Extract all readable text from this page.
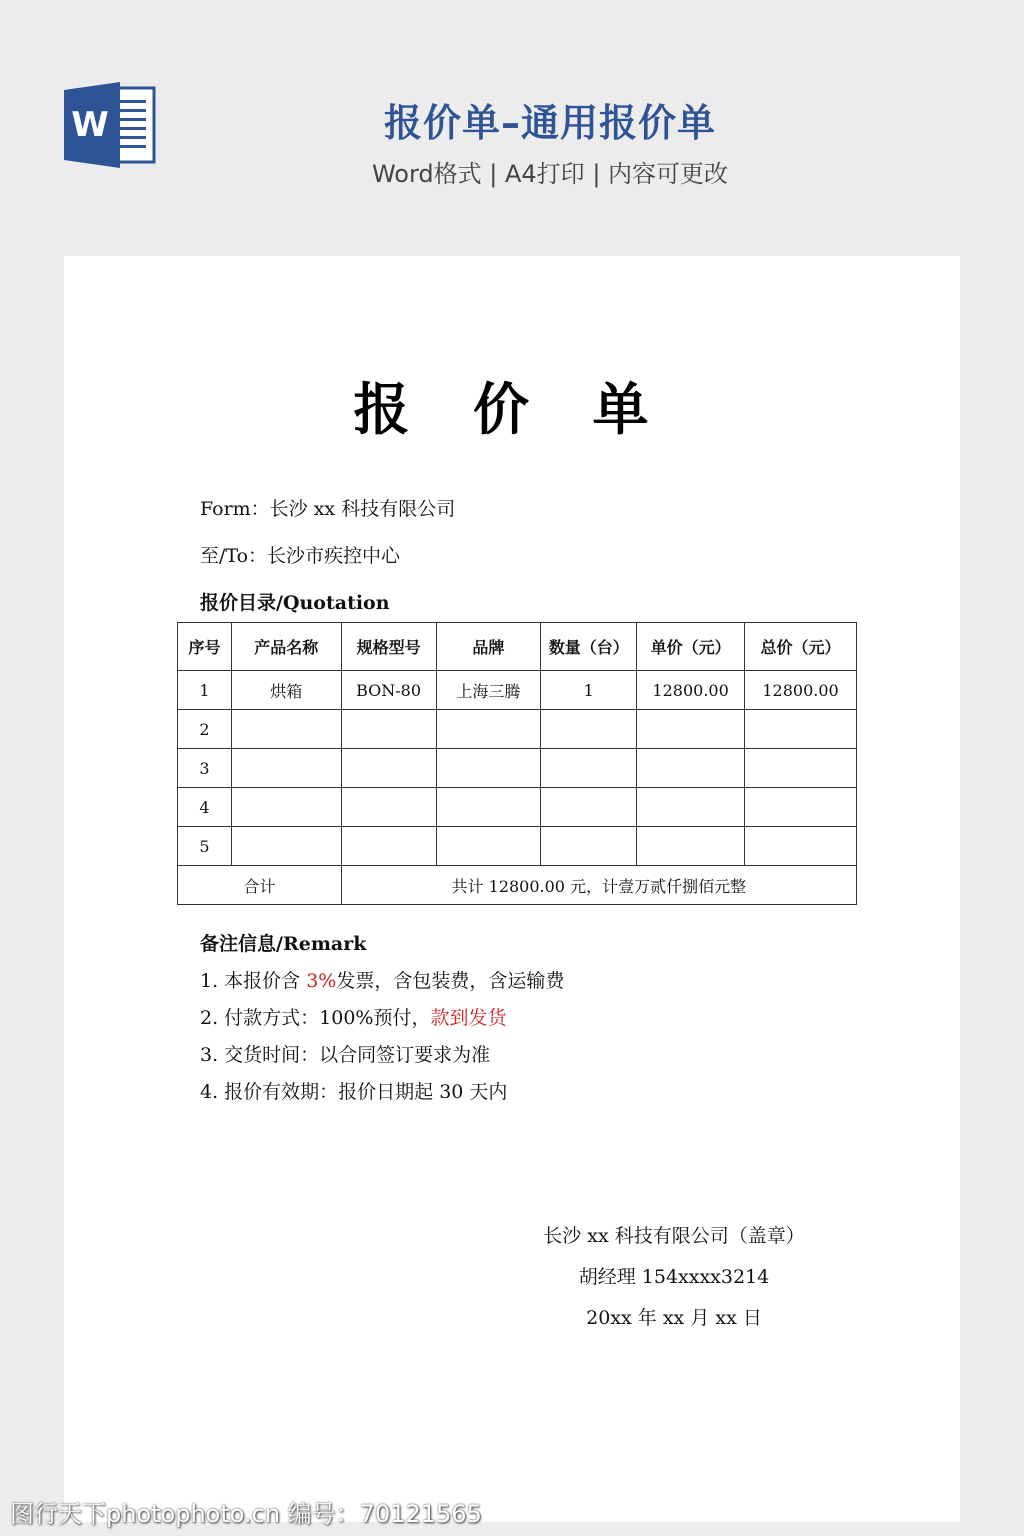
W	报价单–通用报价单
Word格式 | A4打印 | 内容可更改
报 价 单
Form：长沙 xx 科技有限公司
至/To：长沙市疾控中心
报价目录/Quotation
序号	产品名称	规格型号	品牌	数量（台）	单价（元）	总价（元）
1	烘箱	BON-80	上海三腾	1	12800.00	12800.00
2						
3						
4						
5						
合计		共计 12800.00 元，计壹万贰仟捌佰元整				
备注信息/Remark
1. 本报价含 3%发票，含包装费，含运输费
2. 付款方式：100%预付，款到发货
3. 交货时间：以合同签订要求为准
4. 报价有效期：报价日期起 30 天内
长沙 xx 科技有限公司（盖章）
胡经理 154xxxx3214
20xx 年 xx 月 xx 日
图行天下photophoto.cn 编号：70121565
